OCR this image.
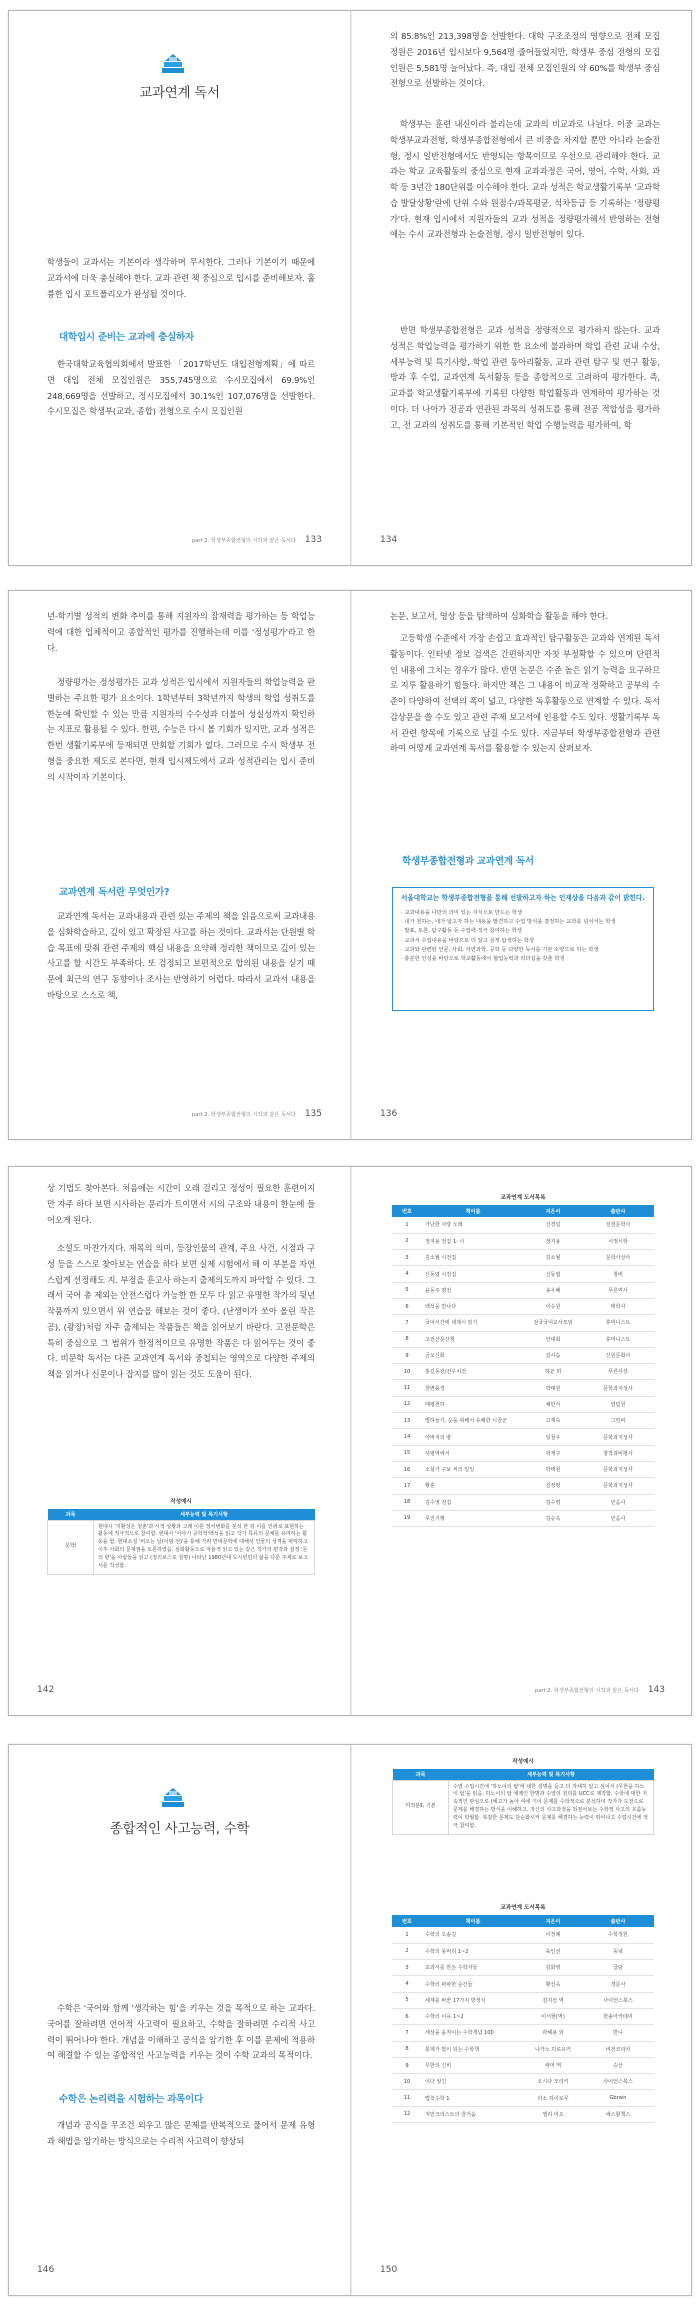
교과연계 독서

학생들이 교과서는 기본이라 생각하며 무시한다. 그러나 기본이기 때문에 교과서에 더욱 충실해야 한다. 교과 관련 책 중심으로 입시를 준비해보자. 훌륭한 입시 포트폴리오가 완성될 것이다.

대학입시 준비는 교과에 충실하자

한국대학교육협의회에서 발표한 「2017학년도 대입전형계획」에 따르면 대입 전체 모집인원은 355,745명으로 수시모집에서 69.9%인 248,669명을 선발하고, 정시모집에서 30.1%인 107,076명을 선발한다. 수시모집은 학생부(교과, 종합) 전형으로 수시 모집인원

part 2. 학생부종합전형의 시작과 끝은 독서다 133

의 85.8%인 213,398명을 선발한다. 대학 구조조정의 영향으로 전체 모집정원은 2016년 입시보다 9,564명 줄어들었지만, 학생부 중심 전형의 모집인원은 5,581명 늘어났다. 즉, 대입 전체 모집인원의 약 60%를 학생부 중심 전형으로 선발하는 것이다.

학생부는 훈련 내신이라 불리는데 교과의 비교과로 나뉜다. 이중 교과는 학생부교과전형, 학생부종합전형에서 큰 비중을 차지할 뿐만 아니라 논술전형, 정시 일반전형에서도 반영되는 항목이므로 우선으로 관리해야 한다. 교과는 학교 교육활동의 중심으로 현재 교과과정은 국어, 영어, 수학, 사회, 과학 등 3년간 180단위를 이수해야 한다. 교과 성적은 학교생활기록부 '교과학습 발달상황'란에 단위 수와 원점수/과목평균, 석차등급 등 기록하는 '정량평가'다. 현재 입시에서 지원자들의 교과 성적을 정량평가해서 반영하는 전형에는 수시 교과전형과 논술전형, 정시 일반전형이 있다.

반면 학생부종합전형은 교과 성적을 정량적으로 평가하지 않는다. 교과 성적은 학업능력을 평가하기 위한 한 요소에 불과하며 학업 관련 교내 수상, 세부능력 및 특기사항, 학업 관련 동아리활동, 교과 관련 탐구 및 연구 활동, 방과 후 수업, 교과연계 독서활동 등을 종합적으로 고려하여 평가한다. 즉, 교과를 학교생활기록부에 기록된 다양한 학업활동과 연계하여 평가하는 것이다. 더 나아가 전공과 연관된 과목의 성취도를 통해 전공 적합성을 평가하고, 전 교과의 성취도를 통해 기본적인 학업 수행능력을 평가하여, 학

134

년-학기별 성적의 변화 추이를 통해 지원자의 잠재력을 평가하는 등 학업능력에 대한 입체적이고 종합적인 평가를 진행하는데 이를 '정성평가'라고 한다.

정량평가는 정성평가든 교과 성적은 입시에서 지원자들의 학업능력을 판별하는 주요한 평가 요소이다. 1학년부터 3학년까지 학생의 학업 성취도를 한눈에 확인할 수 있는 만큼 지원자의 수수성과 더불어 성실성까지 확인하는 지표로 활용될 수 있다. 한편, 수능은 다시 볼 기회가 있지만, 교과 성적은 한번 생활기록부에 등재되면 만회할 기회가 없다. 그러므로 수시 학생부 전형을 중요한 제도로 본다면, 현재 입시제도에서 교과 성적관리는 입시 준비의 시작이자 기본이다.

교과연계 독서란 무엇인가?

교과연계 독서는 교과내용과 관련 있는 주제의 책을 읽음으로써 교과내용을 심화학습하고, 깊이 있고 확장된 사고를 하는 것이다. 교과서는 단원별 학습 목표에 맞춰 관련 주제의 핵심 내용을 요약해 정리한 책이므로 깊이 있는 사고를 할 시간도 부족하다. 또 검정되고 보편적으로 합의된 내용을 싣기 때문에 최근의 연구 동향이나 조사는 반영하기 어렵다. 따라서 교과서 내용을 바탕으로 스스로 책,

part 2. 학생부종합전형의 시작과 끝은 독서다 135

논문, 보고서, 영상 등을 탐색하여 심화학습 활동을 해야 한다.

고등학생 수준에서 가장 손쉽고 효과적인 탐구활동은 교과와 연계된 독서활동이다. 인터넷 정보 검색은 간편하지만 자칫 부정확할 수 있으며 단편적인 내용에 그치는 경우가 많다. 반면 논문은 수준 높은 읽기 능력을 요구하므로 지루 활용하기 힘들다. 하지만 책은 그 내용이 비교적 정확하고 공부의 수준이 다양하여 선택의 폭이 넓고, 다양한 독후활동으로 연계할 수 있다. 독서감상문을 쓸 수도 있고 관련 주제 보고서에 인용할 수도 있다. 생활기록부 독서 관련 항목에 기록으로 남길 수도 있다. 지금부터 학생부종합전형과 관련하여 어떻게 교과연계 독서를 활용할 수 있는지 살펴보자.

학생부종합전형과 교과연계 독서
서울대학교는 학생부종합전형을 통해 선발하고자 하는 인재상을 다음과 같이 밝힌다.
· 교과내용을 나만의 의미 있는 지식으로 만드는 학생
· 내가 원하는, 내가 알고자 하는 내용을 발견하고 수업 방식을 결정하는 교과를 넘어서는 학생
· 발표, 토론, 탐구활동 등 수업에 적극 참여하는 학생
· 교과서 수업내용을 바탕으로 더 알고 싶게 탐색하는 학생
· 교과와 관련된 인문, 사회, 자연과학, 공학 등 다양한 독서를 기본 소양으로 하는 학생
· 충분한 인성을 바탕으로 학교활동에서 협업능력과 리더십을 갖춘 학생
136

상 기법도 찾아본다. 처음에는 시간이 오래 걸리고 정성이 필요한 훈련이지만 자주 하다 보면 시사하는 문리가 트이면서 시의 구조와 내용이 한눈에 들어오게 된다.

소설도 마찬가지다. 재목의 의미, 등장인물의 관계, 주요 사건, 시점과 구성 등을 스스로 찾아보는 연습을 하다 보면 실제 시험에서 해 이 부분을 자연스럽게 선정해도 지. 부정을 훈고사 하는지 출제의도까지 파악할 수 있다. 그래서 국어 총 제외는 안전스럽다 가능한 한 모두 다 읽고 유명한 작가의 뒷년 작품까지 있으면서 위 연습을 해보는 것이 좋다. (난생이가 쏘아 올린 작은 공), (광장)처럼 자주 출제되는 작품들은 책을 읽어보기 바란다. 고전문학은 특히 중심으로 그 범위가 한정적이므로 유명한 작품은 다 읽어두는 것이 좋다. 비문학 독서는 다른 교과연계 독서와 중첩되는 영역으로 다양한 주제의 책을 읽거나 신문이나 잡지를 많이 읽는 것도 도움이 된다.

작성예시
과목	세부능력 및 특기사항
문학Ⅰ	현대시 '지환성은 청춘'과 시적 상황과 고래 이론 정서변화를 분석 한 뒤 이를 인위로 표현하는 활동에 적극적으로 참여함. 현대시 '이야기 공학적'백석을 읽고 작가 특유의 문체를 유미하는 활동을 함. 현대소설 '비오는 날(이범 선)'을 통해 가려 반대문학에 대해서 인물의 성격을 파악하고 이후 사회의 문제점을 토론하였음. 심화활동으로 자율적 읽고 있는 같은 작가의 편작과 설정 '문의 향'을 사람들을 읽고 (정의보스로 설명) 나타난 1980년대 도시빈민의 삶을 다룬 주제로 보고서를 작성함.
142
교과연계 도서목록
번호	책이름	지은이	출판사
1	가난한 사랑 노래	신경림	실천문학사
2	정지용 전집 1: 시	정지용	서정시학
3	김소월 시전집	김소월	문학사상사
4	신동엽 시전집	신동엽	창비
5	윤동주 평전	송우혜	푸른역사
6	백석을 만나다	이승원	태학사
7	국어시간에 세계시 읽기	전국국어교사모임	휴머니스트
8	고전산문산책	안대회	휴머니스트
9	금오신화	김시습	신원문화사
10	홍길동전/전우치전	허균 외	푸른사상
11	천변풍경	박태원	문학과지성사
12	태평천하	채만식	열림원
13	별하늘가, 옷을 위해서 유쾌한 시골군	고재숙	그린비
14	아버지의 땅	임철우	문학과지성사
15	사평역에서	곽재구	창작과비평사
16	소설가 구보 씨의 일일	박태원	문학과지성사
17	황혼	김정평	문학과지성사
18	김수영 전집	김수영	민음사
19	무진기행	김승옥	민음사
part 2. 학생부종합전형의 시작과 끝은 독서다 143
종합적인 사고능력, 수학

수학은 '국어와 함께 '생각하는 힘'을 키우는 것을 목적으로 하는 교과다. 국어를 잘하려면 언어적 사고력이 필요하고, 수학을 잘하려면 수리적 사고력이 뛰어나야 한다. 개념을 이해하고 공식을 암기한 후 이를 문제에 적용하여 해결할 수 있는 종합적인 사고능력을 키우는 것이 수학 교과의 목적이다.

수학은 논리력을 시험하는 과목이다

개념과 공식을 무조건 외우고 많은 문제를 반복적으로 풀어서 문제 유형과 해법을 암기하는 방식으로는 수리적 사고력이 향상되

146
작성예시
과목	세부능력 및 특기사항
미적분Ⅱ, 기본	수열 수업시간에 '하노이의 탑'에 대한 설명을 듣고 더 자세히 알고 싶어서 (무한을 하노이 탑'을 읽음. 하노이의 탑 예제인 한명과 수열의 원리를 UCC로 제작함. 수학에 대한 지속적인 관심으로 (예고가 높아 여에 기이 문제를 수학적으로 분석하여 작가가 도전으로 문제를 해결하는 방식을 이해하고, 자신의 사고과정을 되짚어보는 수학적 사고의 흐름능력이 탁월함. 복잡한 문제도 단순화시켜 문제를 해결하는 능력이 뛰어나고 수업시간에 적극 참여함.
교과연계 도서목록
번호	책이름	지은이	출판사
1	수학의 오솔길	이정례	수학정원
2	수학의 몽머리 1~2	육인선	동녘
3	교과서를 만든 수학자들	김화영	글담
4	수학의 파파한 순간들	황선욱	경문사
5	세계를 바꾼 17가지 방정식	김지선 역	사이언스북스
6	수학의 이유 1~2	이서현(역)	한솔아카데미
7	세상을 움직이는 수학개념 100	라헤용 외	반니
8	통계가 빛이 되는 수학책	나가노 히로유키	비전코리아
9	무한의 신비	애머 역	승산
10	이다 알긴	오시다 모리키	사이언스북스
11	법칙수학 1	리소 하이로무	Gbrain
12	지민크리스트의 즐거움	엘리 마오	에스할책스
150
